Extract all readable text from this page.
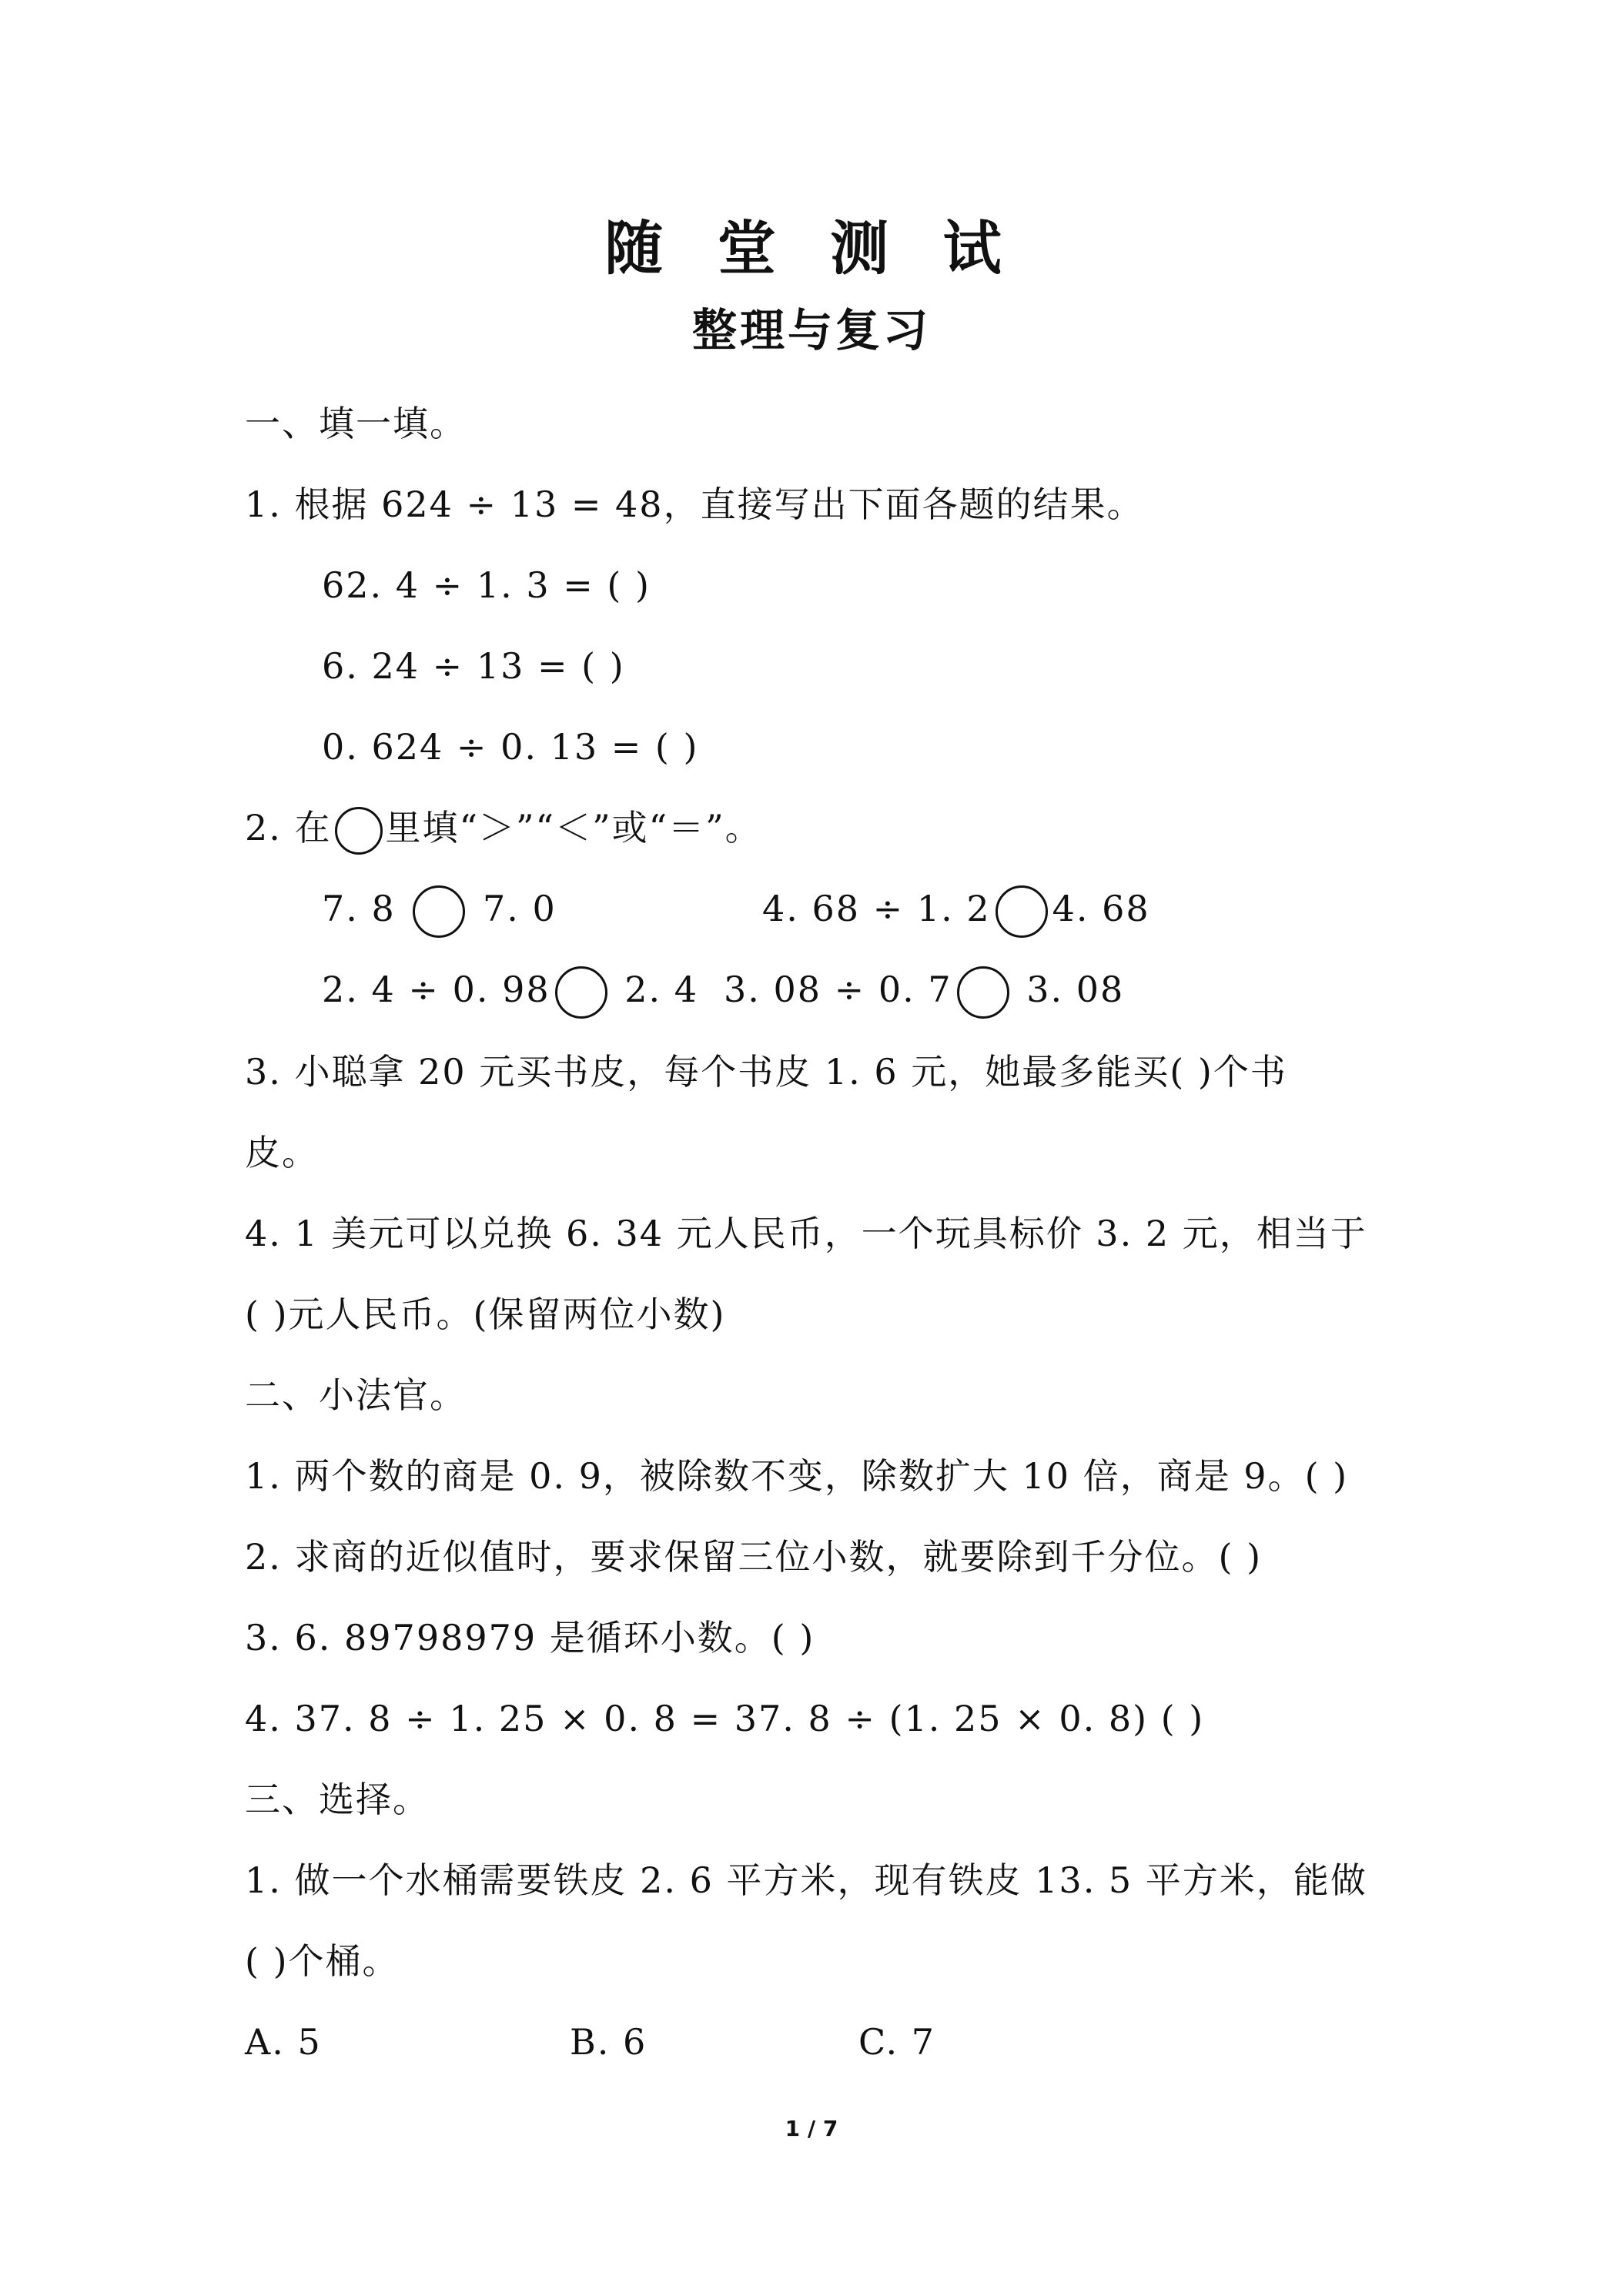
随 堂 测 试
整理与复习
一、填一填。
1. 根据 624 ÷ 13 = 48，直接写出下面各题的结果。
62. 4 ÷ 1. 3 = ( )
6. 24 ÷ 13 = ( )
0. 624 ÷ 0. 13 = ( )
2. 在 里填“＞”“＜”或“＝”。
7. 8 7. 0	4. 68 ÷ 1. 2 4. 68
2. 4 ÷ 0. 98 2. 4 3. 08 ÷ 0. 7 3. 08
3. 小聪拿 20 元买书皮，每个书皮 1. 6 元，她最多能买( )个书
皮。
4. 1 美元可以兑换 6. 34 元人民币，一个玩具标价 3. 2 元，相当于
( )元人民币。(保留两位小数)
二、小法官。
1. 两个数的商是 0. 9，被除数不变，除数扩大 10 倍，商是 9。( )
2. 求商的近似值时，要求保留三位小数，就要除到千分位。( )
3. 6. 89798979 是循环小数。( )
4. 37. 8 ÷ 1. 25 × 0. 8 = 37. 8 ÷ (1. 25 × 0. 8) ( )
三、选择。
1. 做一个水桶需要铁皮 2. 6 平方米，现有铁皮 13. 5 平方米，能做
( )个桶。
A. 5	B. 6	C. 7
1 / 7
